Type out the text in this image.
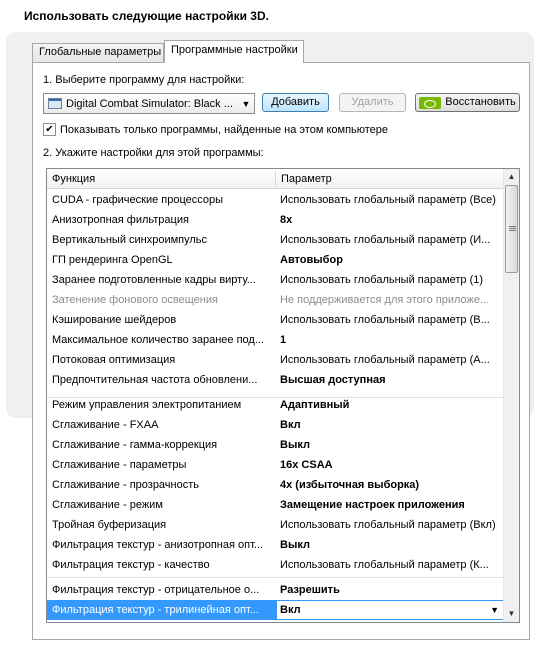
Использовать следующие настройки 3D.
Глобальные параметры Программные настройки
1. Выберите программу для настройки:
Digital Combat Simulator: Black ... ▼	Добавить	Удалить	Восстановить
✔ Показывать только программы, найденные на этом компьютере
2. Укажите настройки для этой программы:
Функция	Параметр
CUDA - графические процессоры	Использовать глобальный параметр (Все)
Анизотропная фильтрация	8x
Вертикальный синхроимпульс	Использовать глобальный параметр (И...
ГП рендеринга OpenGL	Автовыбор
Заранее подготовленные кадры вирту...	Использовать глобальный параметр (1)
Затенение фонового освещения	Не поддерживается для этого приложе...
Кэширование шейдеров	Использовать глобальный параметр (В...
Максимальное количество заранее под...	1
Потоковая оптимизация	Использовать глобальный параметр (А...
Предпочтительная частота обновлени...	Высшая доступная
Режим управления электропитанием	Адаптивный
Сглаживание - FXAA	Вкл
Сглаживание - гамма-коррекция	Выкл
Сглаживание - параметры	16x CSAA
Сглаживание - прозрачность	4x (избыточная выборка)
Сглаживание - режим	Замещение настроек приложения
Тройная буферизация	Использовать глобальный параметр (Вкл)
Фильтрация текстур - анизотропная опт...	Выкл
Фильтрация текстур - качество	Использовать глобальный параметр (К...
Фильтрация текстур - отрицательное о...	Разрешить
Фильтрация текстур - трилинейная опт...	Вкл	▼
▲
▼
